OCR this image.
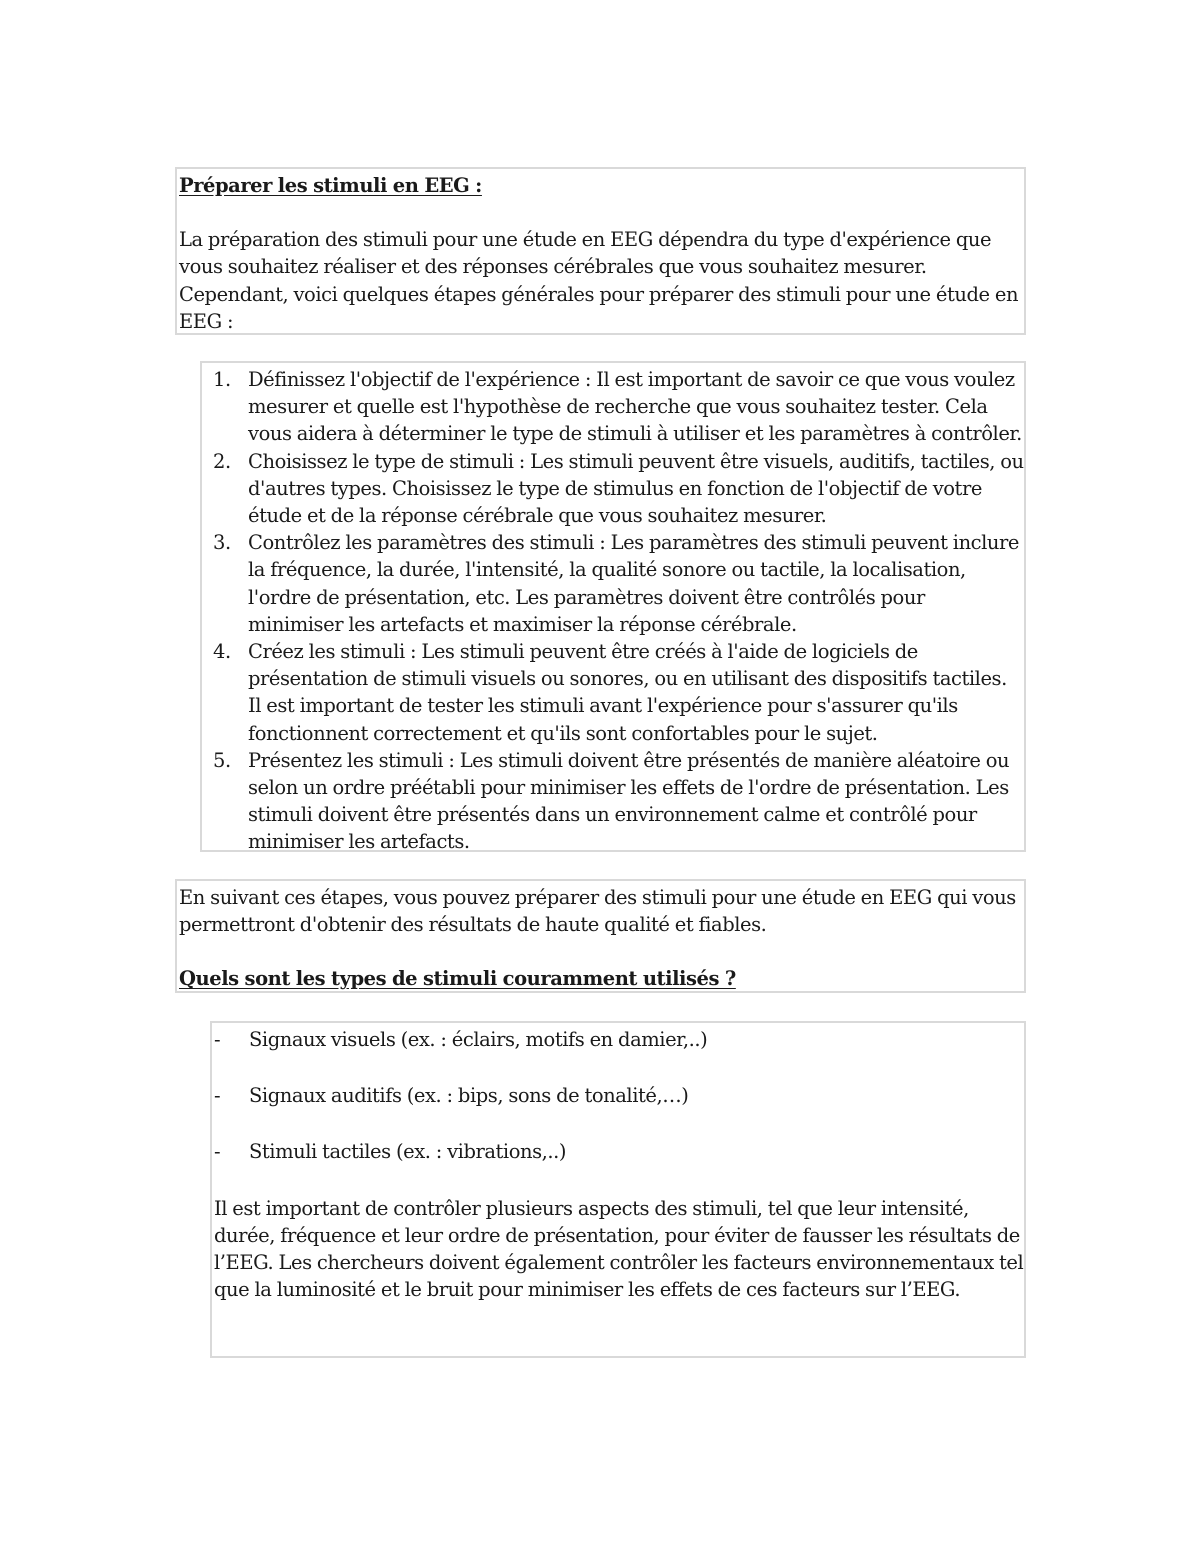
Préparer les stimuli en EEG :

La préparation des stimuli pour une étude en EEG dépendra du type d'expérience que vous souhaitez réaliser et des réponses cérébrales que vous souhaitez mesurer. Cependant, voici quelques étapes générales pour préparer des stimuli pour une étude en EEG :

1. Définissez l'objectif de l'expérience : Il est important de savoir ce que vous voulez mesurer et quelle est l'hypothèse de recherche que vous souhaitez tester. Cela vous aidera à déterminer le type de stimuli à utiliser et les paramètres à contrôler.
2. Choisissez le type de stimuli : Les stimuli peuvent être visuels, auditifs, tactiles, ou d'autres types. Choisissez le type de stimulus en fonction de l'objectif de votre étude et de la réponse cérébrale que vous souhaitez mesurer.
3. Contrôlez les paramètres des stimuli : Les paramètres des stimuli peuvent inclure la fréquence, la durée, l'intensité, la qualité sonore ou tactile, la localisation, l'ordre de présentation, etc. Les paramètres doivent être contrôlés pour minimiser les artefacts et maximiser la réponse cérébrale.
4. Créez les stimuli : Les stimuli peuvent être créés à l'aide de logiciels de présentation de stimuli visuels ou sonores, ou en utilisant des dispositifs tactiles. Il est important de tester les stimuli avant l'expérience pour s'assurer qu'ils fonctionnent correctement et qu'ils sont confortables pour le sujet.
5. Présentez les stimuli : Les stimuli doivent être présentés de manière aléatoire ou selon un ordre préétabli pour minimiser les effets de l'ordre de présentation. Les stimuli doivent être présentés dans un environnement calme et contrôlé pour minimiser les artefacts.

En suivant ces étapes, vous pouvez préparer des stimuli pour une étude en EEG qui vous permettront d'obtenir des résultats de haute qualité et fiables.

Quels sont les types de stimuli couramment utilisés ?

- Signaux visuels (ex. : éclairs, motifs en damier,..)
- Signaux auditifs (ex. : bips, sons de tonalité,…)
- Stimuli tactiles (ex. : vibrations,..)

Il est important de contrôler plusieurs aspects des stimuli, tel que leur intensité, durée, fréquence et leur ordre de présentation, pour éviter de fausser les résultats de l’EEG. Les chercheurs doivent également contrôler les facteurs environnementaux tel que la luminosité et le bruit pour minimiser les effets de ces facteurs sur l’EEG.
